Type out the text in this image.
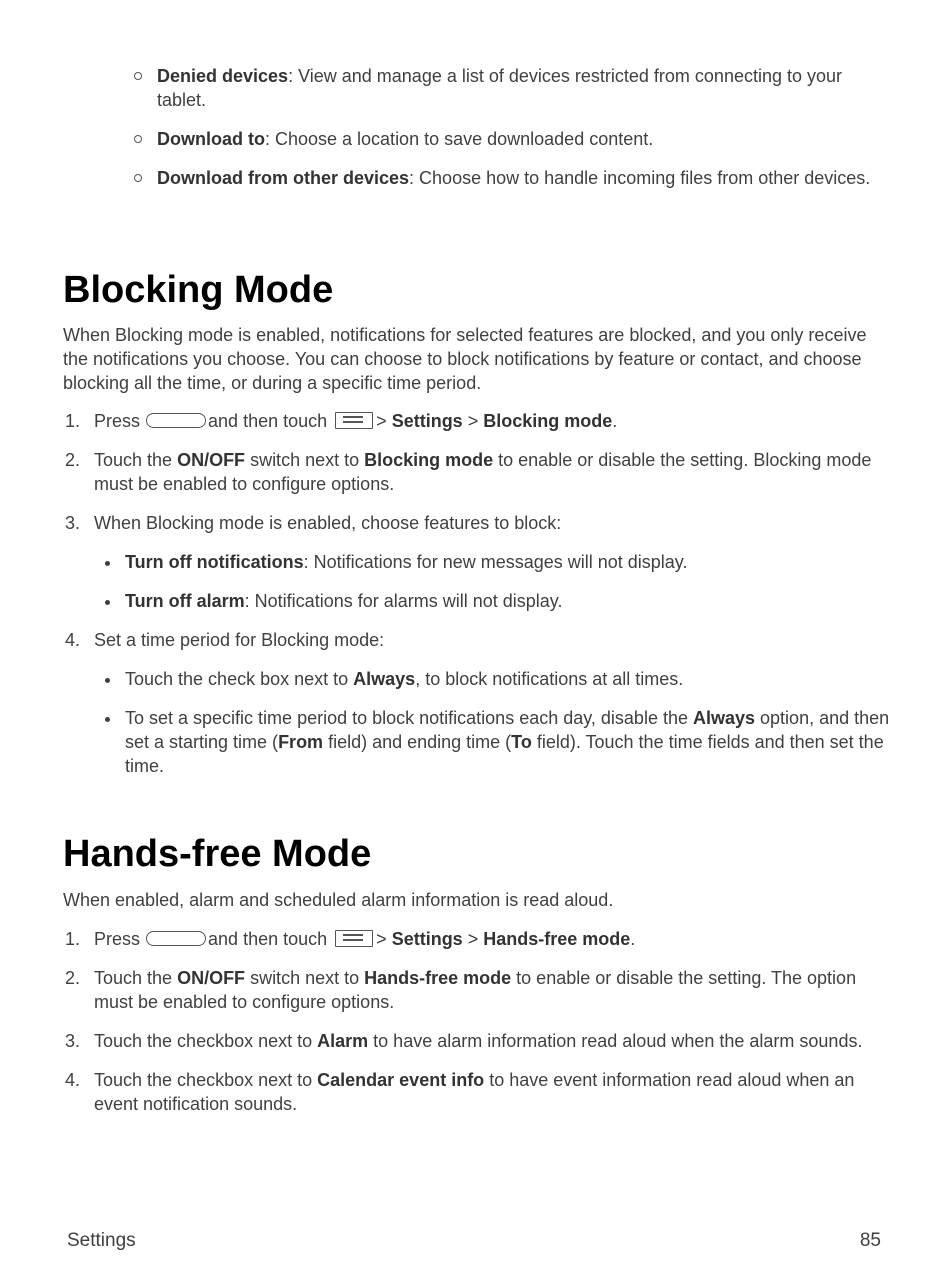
Denied devices: View and manage a list of devices restricted from connecting to your tablet.
Download to: Choose a location to save downloaded content.
Download from other devices: Choose how to handle incoming files from other devices.
Blocking Mode

When Blocking mode is enabled, notifications for selected features are blocked, and you only receive the notifications you choose. You can choose to block notifications by feature or contact, and choose blocking all the time, or during a specific time period.

1. Press	and then touch	> Settings > Blocking mode.
2. Touch the ON/OFF switch next to Blocking mode to enable or disable the setting. Blocking mode must be enabled to configure options.
3. When Blocking mode is enabled, choose features to block:
Turn off notifications: Notifications for new messages will not display.
Turn off alarm: Notifications for alarms will not display.
4. Set a time period for Blocking mode:
Touch the check box next to Always, to block notifications at all times.
To set a specific time period to block notifications each day, disable the Always option, and then set a starting time (From field) and ending time (To field). Touch the time fields and then set the time.
Hands-free Mode

When enabled, alarm and scheduled alarm information is read aloud.

1. Press	and then touch	> Settings > Hands-free mode.
2. Touch the ON/OFF switch next to Hands-free mode to enable or disable the setting. The option must be enabled to configure options.
3. Touch the checkbox next to Alarm to have alarm information read aloud when the alarm sounds.
4. Touch the checkbox next to Calendar event info to have event information read aloud when an event notification sounds.
Settings	85
